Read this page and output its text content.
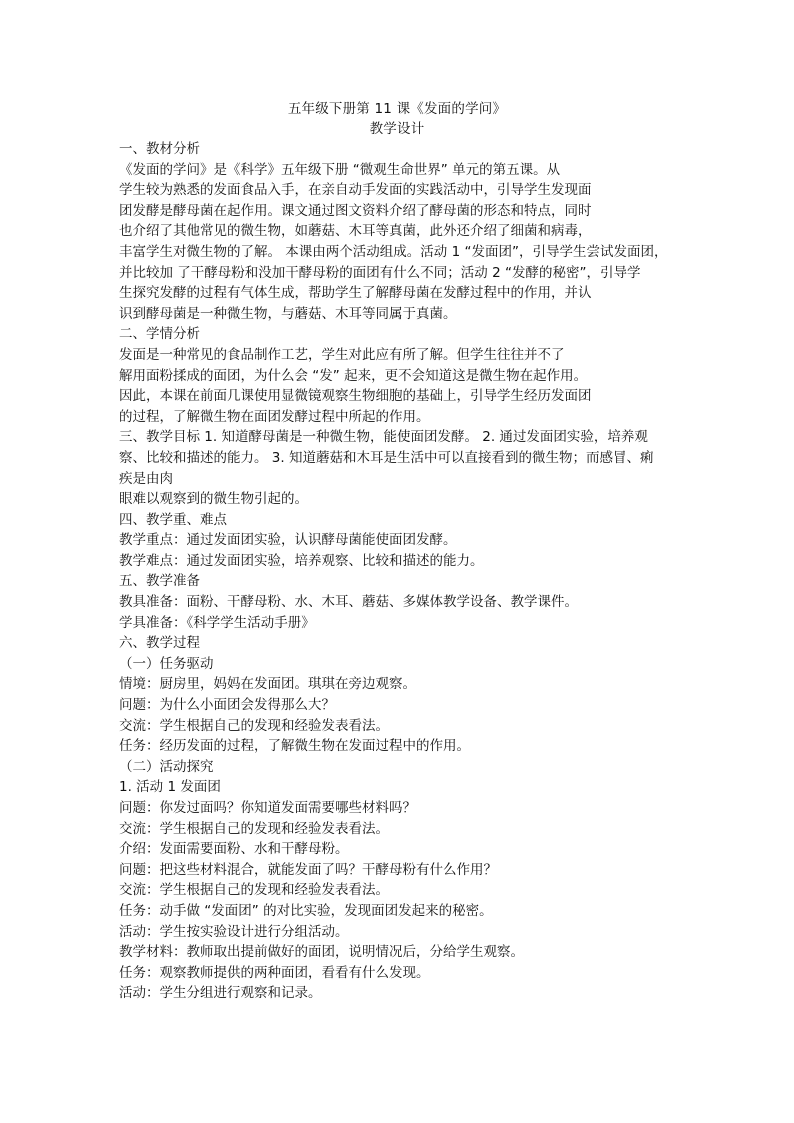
五年级下册第 11 课《发面的学问》
教学设计
一、教材分析
《发面的学问》是《科学》五年级下册 “微观生命世界” 单元的第五课。从
学生较为熟悉的发面食品入手，在亲自动手发面的实践活动中，引导学生发现面
团发酵是酵母菌在起作用。课文通过图文资料介绍了酵母菌的形态和特点，同时
也介绍了其他常见的微生物，如蘑菇、木耳等真菌，此外还介绍了细菌和病毒，
丰富学生对微生物的了解。 本课由两个活动组成。活动 1 “发面团”，引导学生尝试发面团，
并比较加 了干酵母粉和没加干酵母粉的面团有什么不同；活动 2 “发酵的秘密”，引导学
生探究发酵的过程有气体生成，帮助学生了解酵母菌在发酵过程中的作用，并认
识到酵母菌是一种微生物，与蘑菇、木耳等同属于真菌。
二、学情分析
发面是一种常见的食品制作工艺，学生对此应有所了解。但学生往往并不了
解用面粉揉成的面团，为什么会 “发” 起来，更不会知道这是微生物在起作用。
因此，本课在前面几课使用显微镜观察生物细胞的基础上，引导学生经历发面团
的过程，了解微生物在面团发酵过程中所起的作用。
三、教学目标 1. 知道酵母菌是一种微生物，能使面团发酵。 2. 通过发面团实验，培养观
察、比较和描述的能力。 3. 知道蘑菇和木耳是生活中可以直接看到的微生物；而感冒、痢
疾是由肉
眼难以观察到的微生物引起的。
四、教学重、难点
教学重点：通过发面团实验，认识酵母菌能使面团发酵。
教学难点：通过发面团实验，培养观察、比较和描述的能力。
五、教学准备
教具准备：面粉、干酵母粉、水、木耳、蘑菇、多媒体教学设备、教学课件。
学具准备：《科学学生活动手册》
六、教学过程
（一）任务驱动
情境：厨房里，妈妈在发面团。琪琪在旁边观察。
问题：为什么小面团会发得那么大？
交流：学生根据自己的发现和经验发表看法。
任务：经历发面的过程，了解微生物在发面过程中的作用。
（二）活动探究
1. 活动 1 发面团
问题：你发过面吗？你知道发面需要哪些材料吗？
交流：学生根据自己的发现和经验发表看法。
介绍：发面需要面粉、水和干酵母粉。
问题：把这些材料混合，就能发面了吗？干酵母粉有什么作用？
交流：学生根据自己的发现和经验发表看法。
任务：动手做 “发面团” 的对比实验，发现面团发起来的秘密。
活动：学生按实验设计进行分组活动。
教学材料：教师取出提前做好的面团，说明情况后，分给学生观察。
任务：观察教师提供的两种面团，看看有什么发现。
活动：学生分组进行观察和记录。
